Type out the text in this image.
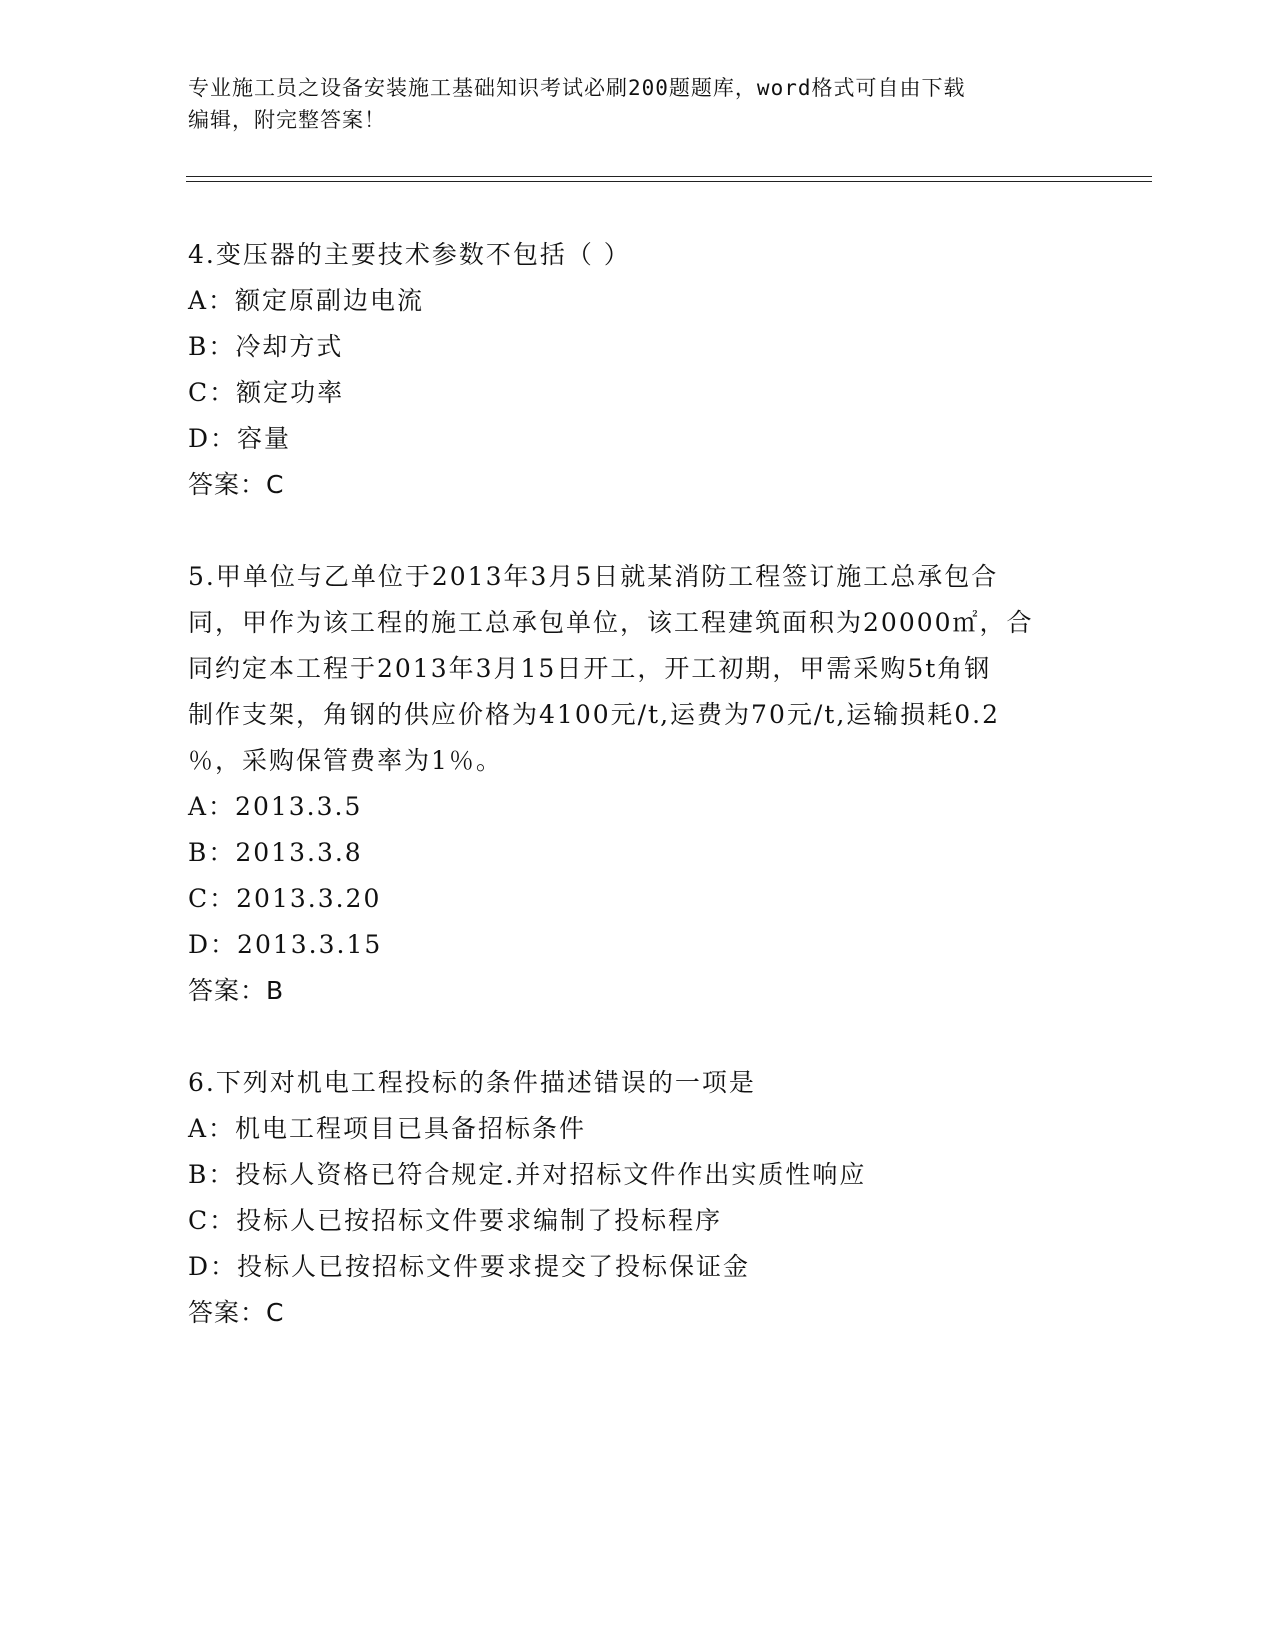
专业施工员之设备安装施工基础知识考试必刷200题题库，word格式可自由下载
编辑，附完整答案！
4.变压器的主要技术参数不包括（ ）
A：额定原副边电流
B：冷却方式
C：额定功率
D：容量
答案：C
5.甲单位与乙单位于2013年3月5日就某消防工程签订施工总承包合
同，甲作为该工程的施工总承包单位，该工程建筑面积为20000㎡，合
同约定本工程于2013年3月15日开工，开工初期，甲需采购5t角钢
制作支架，角钢的供应价格为4100元/t,运费为70元/t,运输损耗0.2
％，采购保管费率为1％。
A：2013.3.5
B：2013.3.8
C：2013.3.20
D：2013.3.15
答案：B
6.下列对机电工程投标的条件描述错误的一项是
A：机电工程项目已具备招标条件
B：投标人资格已符合规定.并对招标文件作出实质性响应
C：投标人已按招标文件要求编制了投标程序
D：投标人已按招标文件要求提交了投标保证金
答案：C
